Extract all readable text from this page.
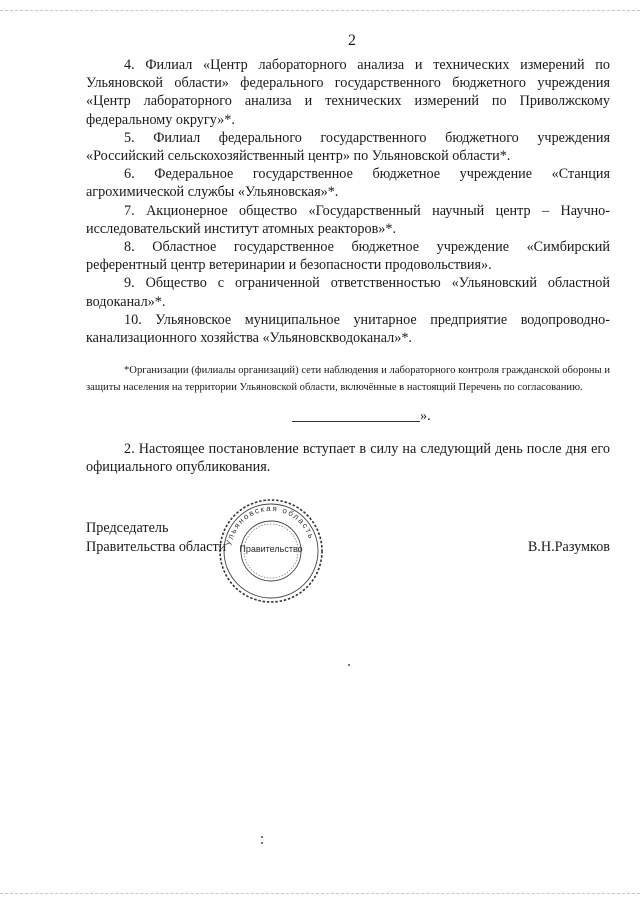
2

4. Филиал «Центр лабораторного анализа и технических измерений по Ульяновской области» федерального государственного бюджетного учреждения «Центр лабораторного анализа и технических измерений по Приволжскому федеральному округу»*.

5. Филиал федерального государственного бюджетного учреждения «Российский сельскохозяйственный центр» по Ульяновской области*.

6. Федеральное государственное бюджетное учреждение «Станция агрохимической службы «Ульяновская»*.

7. Акционерное общество «Государственный научный центр – Научно-исследовательский институт атомных реакторов»*.

8. Областное государственное бюджетное учреждение «Симбирский референтный центр ветеринарии и безопасности продовольствия».

9. Общество с ограниченной ответственностью «Ульяновский областной водоканал»*.

10. Ульяновское муниципальное унитарное предприятие водопроводно-канализационного хозяйства «Ульяновскводоканал»*.

*Организации (филиалы организаций) сети наблюдения и лабораторного контроля гражданской обороны и защиты населения на территории Ульяновской области, включённые в настоящий Перечень по согласованию.

».

2. Настоящее постановление вступает в силу на следующий день после дня его официального опубликования.

Председатель
Правительства области	В.Н.Разумков
Ульяновская область
Правительство
